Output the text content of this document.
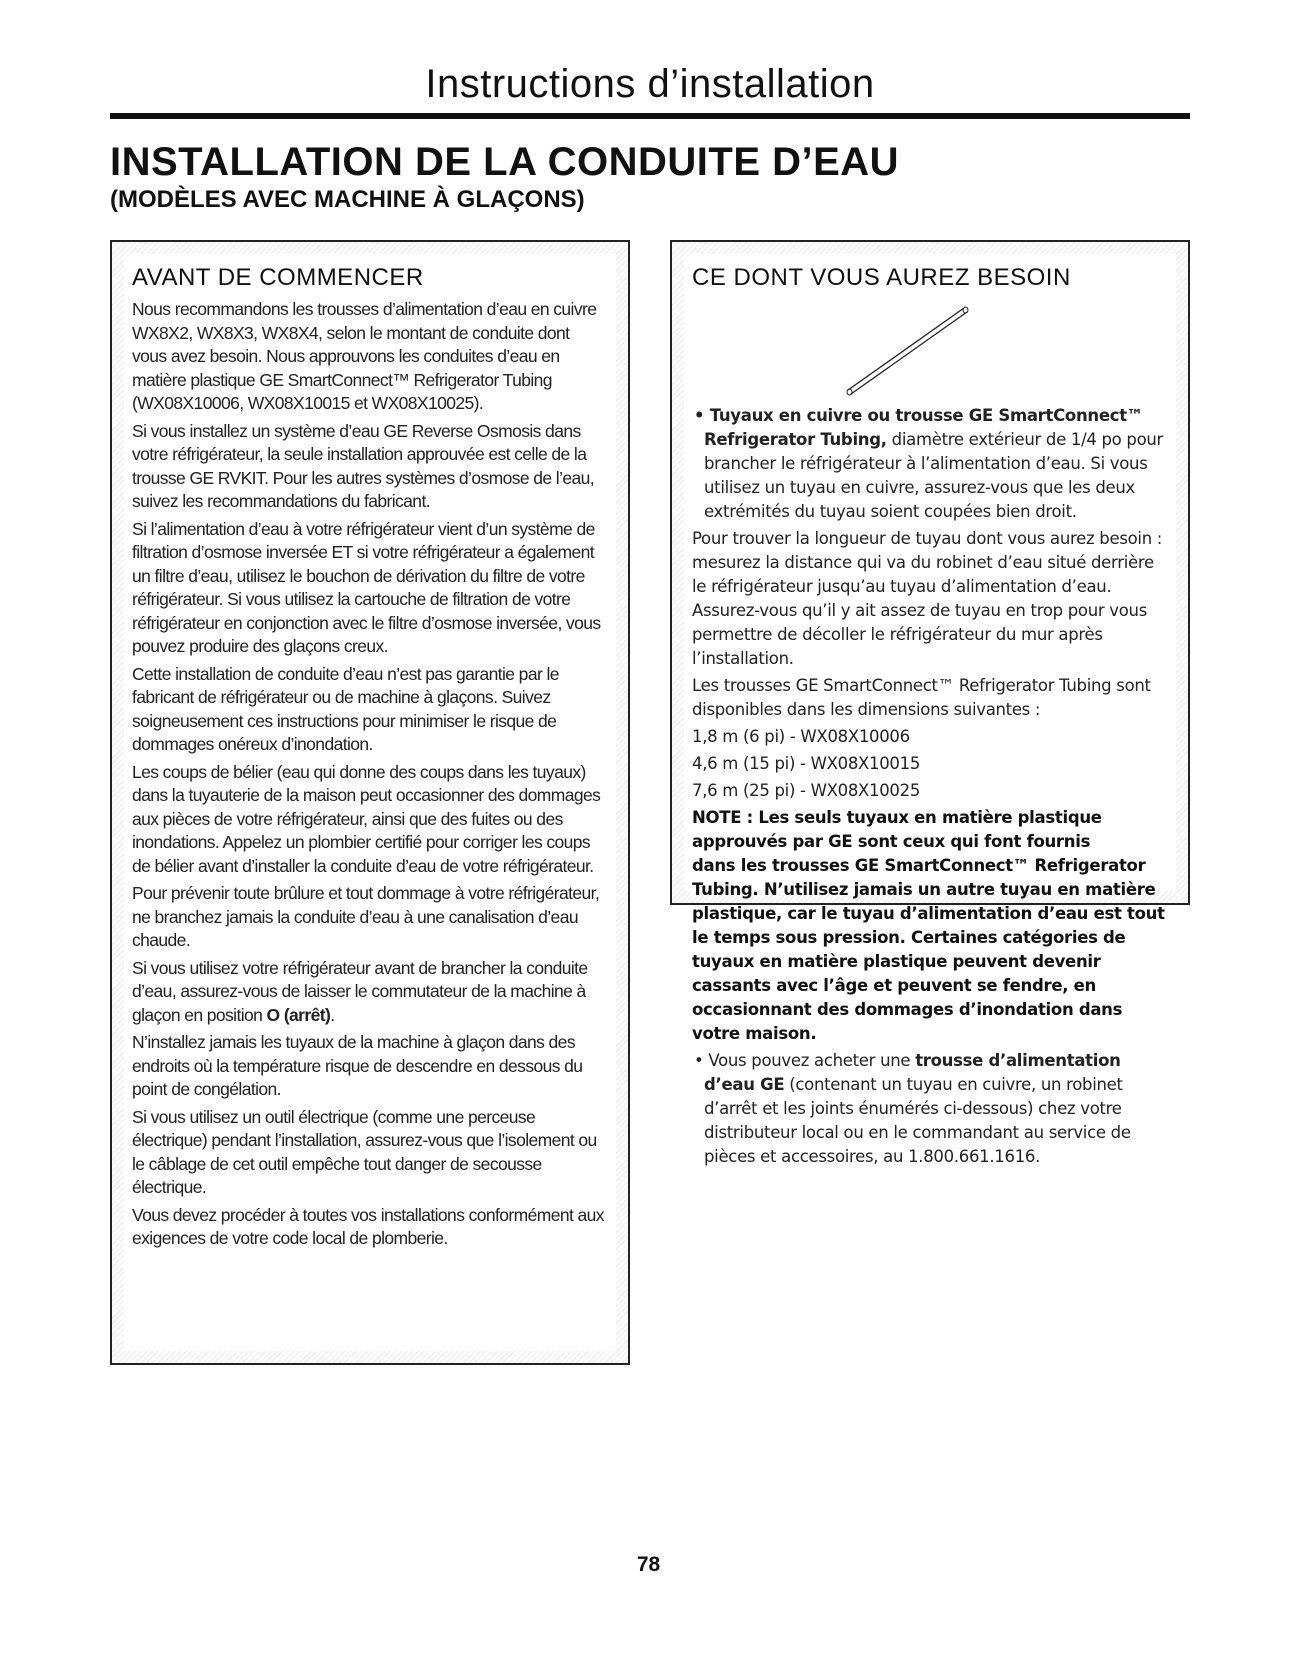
Instructions d’installation
INSTALLATION DE LA CONDUITE D’EAU
(MODÈLES AVEC MACHINE À GLAÇONS)
AVANT DE COMMENCER

Nous recommandons les trousses d’alimentation d’eau en cuivre WX8X2, WX8X3, WX8X4, selon le montant de conduite dont vous avez besoin. Nous approuvons les conduites d’eau en matière plastique GE SmartConnect™ Refrigerator Tubing (WX08X10006, WX08X10015 et WX08X10025).

Si vous installez un système d’eau GE Reverse Osmosis dans votre réfrigérateur, la seule installation approuvée est celle de la trousse GE RVKIT. Pour les autres systèmes d’osmose de l’eau, suivez les recommandations du fabricant.

Si l’alimentation d’eau à votre réfrigérateur vient d’un système de filtration d’osmose inversée ET si votre réfrigérateur a également un filtre d’eau, utilisez le bouchon de dérivation du filtre de votre réfrigérateur. Si vous utilisez la cartouche de filtration de votre réfrigérateur en conjonction avec le filtre d’osmose inversée, vous pouvez produire des glaçons creux.

Cette installation de conduite d’eau n’est pas garantie par le fabricant de réfrigérateur ou de machine à glaçons. Suivez soigneusement ces instructions pour minimiser le risque de dommages onéreux d’inondation.

Les coups de bélier (eau qui donne des coups dans les tuyaux) dans la tuyauterie de la maison peut occasionner des dommages aux pièces de votre réfrigérateur, ainsi que des fuites ou des inondations. Appelez un plombier certifié pour corriger les coups de bélier avant d’installer la conduite d’eau de votre réfrigérateur.

Pour prévenir toute brûlure et tout dommage à votre réfrigérateur, ne branchez jamais la conduite d’eau à une canalisation d’eau chaude.

Si vous utilisez votre réfrigérateur avant de brancher la conduite d’eau, assurez-vous de laisser le commutateur de la machine à glaçon en position O (arrêt).

N’installez jamais les tuyaux de la machine à glaçon dans des endroits où la température risque de descendre en dessous du point de congélation.

Si vous utilisez un outil électrique (comme une perceuse électrique) pendant l’installation, assurez-vous que l’isolement ou le câblage de cet outil empêche tout danger de secousse électrique.

Vous devez procéder à toutes vos installations conformément aux exigences de votre code local de plomberie.

CE DONT VOUS AUREZ BESOIN

• Tuyaux en cuivre ou trousse GE SmartConnect™ Refrigerator Tubing, diamètre extérieur de 1/4 po pour brancher le réfrigérateur à l’alimentation d’eau. Si vous utilisez un tuyau en cuivre, assurez-vous que les deux extrémités du tuyau soient coupées bien droit.

Pour trouver la longueur de tuyau dont vous aurez besoin : mesurez la distance qui va du robinet d’eau situé derrière le réfrigérateur jusqu’au tuyau d’alimentation d’eau. Assurez-vous qu’il y ait assez de tuyau en trop pour vous permettre de décoller le réfrigérateur du mur après l’installation.

Les trousses GE SmartConnect™ Refrigerator Tubing sont disponibles dans les dimensions suivantes :

1,8 m (6 pi) - WX08X10006

4,6 m (15 pi) - WX08X10015

7,6 m (25 pi) - WX08X10025

NOTE : Les seuls tuyaux en matière plastique approuvés par GE sont ceux qui font fournis

dans les trousses GE SmartConnect™ Refrigerator Tubing. N’utilisez jamais un autre tuyau en matière plastique, car le tuyau d’alimentation d’eau est tout le temps sous pression. Certaines catégories de tuyaux en matière plastique peuvent devenir cassants avec l’âge et peuvent se fendre, en occasionnant des dommages d’inondation dans votre maison.

• Vous pouvez acheter une trousse d’alimentation d’eau GE (contenant un tuyau en cuivre, un robinet d’arrêt et les joints énumérés ci-dessous) chez votre distributeur local ou en le commandant au service de pièces et accessoires, au 1.800.661.1616.

78
